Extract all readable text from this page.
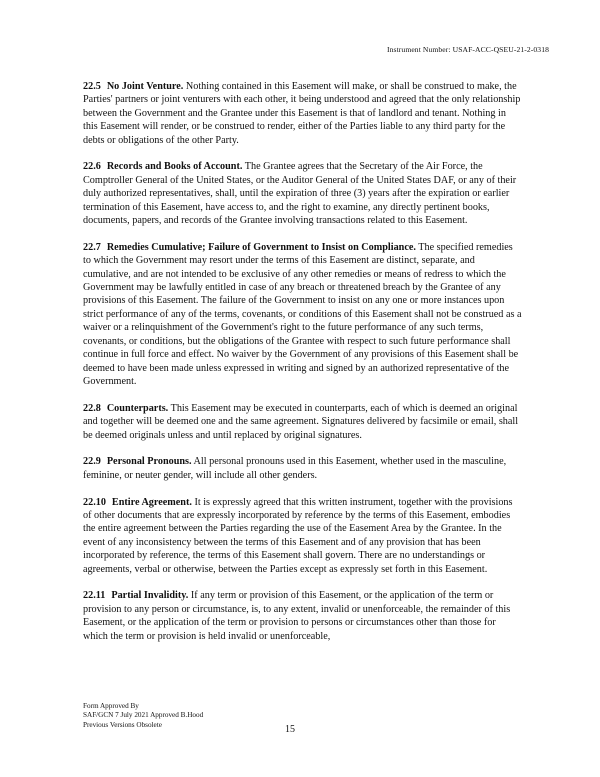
Instrument Number: USAF-ACC-QSEU-21-2-0318

22.5 No Joint Venture. Nothing contained in this Easement will make, or shall be construed to make, the Parties' partners or joint venturers with each other, it being understood and agreed that the only relationship between the Government and the Grantee under this Easement is that of landlord and tenant. Nothing in this Easement will render, or be construed to render, either of the Parties liable to any third party for the debts or obligations of the other Party.

22.6 Records and Books of Account. The Grantee agrees that the Secretary of the Air Force, the Comptroller General of the United States, or the Auditor General of the United States DAF, or any of their duly authorized representatives, shall, until the expiration of three (3) years after the expiration or earlier termination of this Easement, have access to, and the right to examine, any directly pertinent books, documents, papers, and records of the Grantee involving transactions related to this Easement.

22.7 Remedies Cumulative; Failure of Government to Insist on Compliance. The specified remedies to which the Government may resort under the terms of this Easement are distinct, separate, and cumulative, and are not intended to be exclusive of any other remedies or means of redress to which the Government may be lawfully entitled in case of any breach or threatened breach by the Grantee of any provisions of this Easement. The failure of the Government to insist on any one or more instances upon strict performance of any of the terms, covenants, or conditions of this Easement shall not be construed as a waiver or a relinquishment of the Government's right to the future performance of any such terms, covenants, or conditions, but the obligations of the Grantee with respect to such future performance shall continue in full force and effect. No waiver by the Government of any provisions of this Easement shall be deemed to have been made unless expressed in writing and signed by an authorized representative of the Government.

22.8 Counterparts. This Easement may be executed in counterparts, each of which is deemed an original and together will be deemed one and the same agreement. Signatures delivered by facsimile or email, shall be deemed originals unless and until replaced by original signatures.

22.9 Personal Pronouns. All personal pronouns used in this Easement, whether used in the masculine, feminine, or neuter gender, will include all other genders.

22.10 Entire Agreement. It is expressly agreed that this written instrument, together with the provisions of other documents that are expressly incorporated by reference by the terms of this Easement, embodies the entire agreement between the Parties regarding the use of the Easement Area by the Grantee. In the event of any inconsistency between the terms of this Easement and of any provision that has been incorporated by reference, the terms of this Easement shall govern. There are no understandings or agreements, verbal or otherwise, between the Parties except as expressly set forth in this Easement.

22.11 Partial Invalidity. If any term or provision of this Easement, or the application of the term or provision to any person or circumstance, is, to any extent, invalid or unenforceable, the remainder of this Easement, or the application of the term or provision to persons or circumstances other than those for which the term or provision is held invalid or unenforceable,

Form Approved By
SAF/GCN 7 July 2021 Approved B.Hood
Previous Versions Obsolete	15
